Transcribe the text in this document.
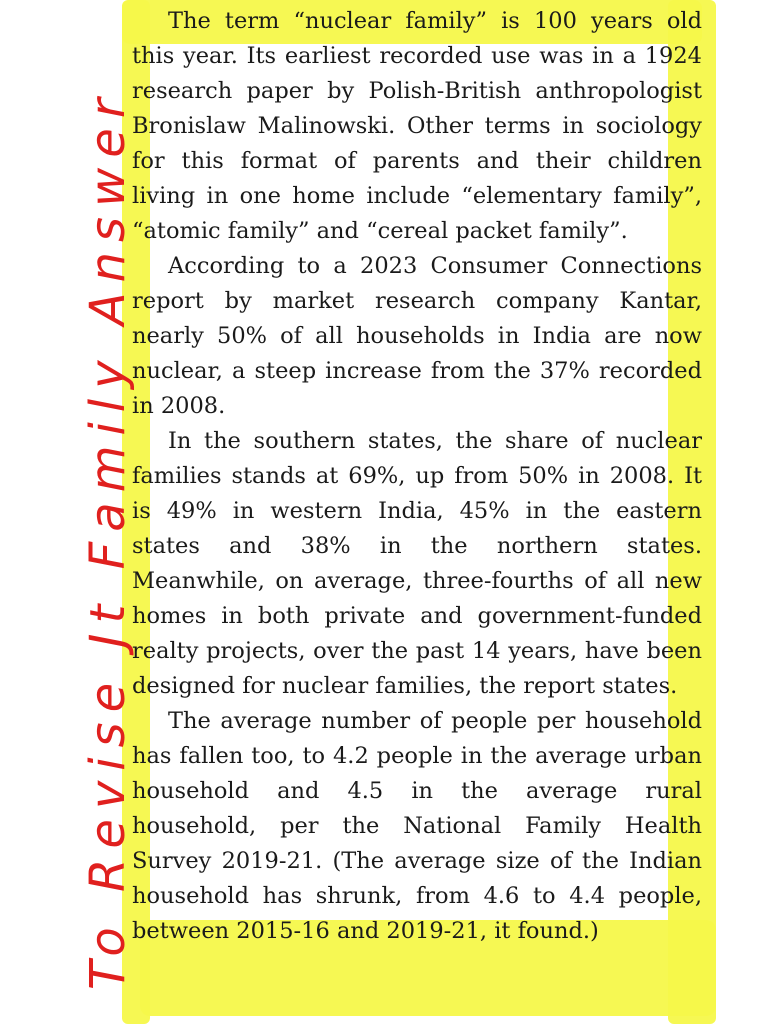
The term “nuclear family” is 100 years old this year. Its earliest recorded use was in a 1924 research paper by Polish-British anthropologist Bronislaw Malinowski. Other terms in sociology for this format of parents and their children living in one home include “elementary family”, “atomic family” and “cereal packet family”.

According to a 2023 Consumer Connections report by market research company Kantar, nearly 50% of all households in India are now nuclear, a steep increase from the 37% recorded in 2008.

In the southern states, the share of nuclear families stands at 69%, up from 50% in 2008. It is 49% in western India, 45% in the eastern states and 38% in the northern states. Meanwhile, on average, three-fourths of all new homes in both private and government-funded realty projects, over the past 14 years, have been designed for nuclear families, the report states.

The average number of people per household has fallen too, to 4.2 people in the average urban household and 4.5 in the average rural household, per the National Family Health Survey 2019-21. (The average size of the Indian household has shrunk, from 4.6 to 4.4 people, between 2015-16 and 2019-21, it found.)

To Revise Jt Family Answer
